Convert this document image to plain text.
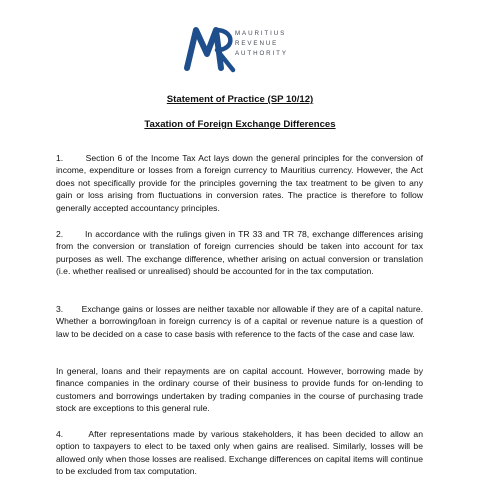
MAURITIUS
REVENUE
AUTHORITY
Statement of Practice (SP 10/12)
Taxation of Foreign Exchange Differences

1.       Section 6 of the Income Tax Act lays down the general principles for the conversion of income, expenditure or losses from a foreign currency to Mauritius currency. However, the Act does not specifically provide for the principles governing the tax treatment to be given to any gain or loss arising from fluctuations in conversion rates. The practice is therefore to follow generally accepted accountancy principles.

2.       In accordance with the rulings given in TR 33 and TR 78, exchange differences arising from the conversion or translation of foreign currencies should be taken into account for tax purposes as well. The exchange difference, whether arising on actual conversion or translation (i.e. whether realised or unrealised) should be accounted for in the tax computation.

3.       Exchange gains or losses are neither taxable nor allowable if they are of a capital nature. Whether a borrowing/loan in foreign currency is of a capital or revenue nature is a question of law to be decided on a case to case basis with reference to the facts of the case and case law.

In general, loans and their repayments are on capital account. However, borrowing made by finance companies in the ordinary course of their business to provide funds for on-lending to customers and borrowings undertaken by trading companies in the course of purchasing trade stock are exceptions to this general rule.

4.       After representations made by various stakeholders, it has been decided to allow an option to taxpayers to elect to be taxed only when gains are realised. Similarly, losses will be allowed only when those losses are realised. Exchange differences on capital items will continue to be excluded from tax computation.
